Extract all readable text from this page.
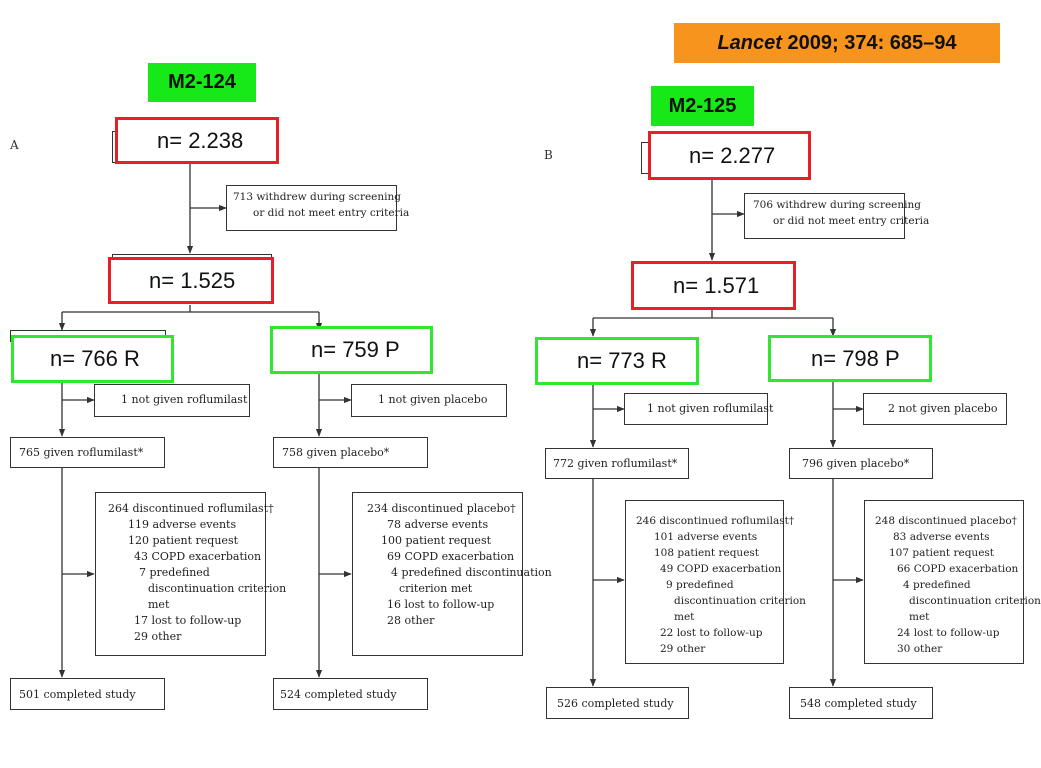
Lancet 2009; 374: 685–94
A
M2-124
n= 2.238
713 withdrew during screening
or did not meet entry criteria
n= 1.525
n= 766 R	n= 759 P
1 not given roflumilast	1 not given placebo
765 given roflumilast*	758 given placebo*
264 discontinued roflumilast†
119 adverse events
120 patient request
43 COPD exacerbation
7 predefined
discontinuation criterion
met
17 lost to follow-up
29 other
234 discontinued placebo†
78 adverse events
100 patient request
69 COPD exacerbation
4 predefined discontinuation
criterion met
16 lost to follow-up
28 other
501 completed study	524 completed study
B
M2-125
n= 2.277
706 withdrew during screening
or did not meet entry criteria
n= 1.571
n= 773 R	n= 798 P
1 not given roflumilast	2 not given placebo
772 given roflumilast*	796 given placebo*
246 discontinued roflumilast†
101 adverse events
108 patient request
49 COPD exacerbation
9 predefined
discontinuation criterion
met
22 lost to follow-up
29 other
248 discontinued placebo†
83 adverse events
107 patient request
66 COPD exacerbation
4 predefined
discontinuation criterion
met
24 lost to follow-up
30 other
526 completed study	548 completed study
